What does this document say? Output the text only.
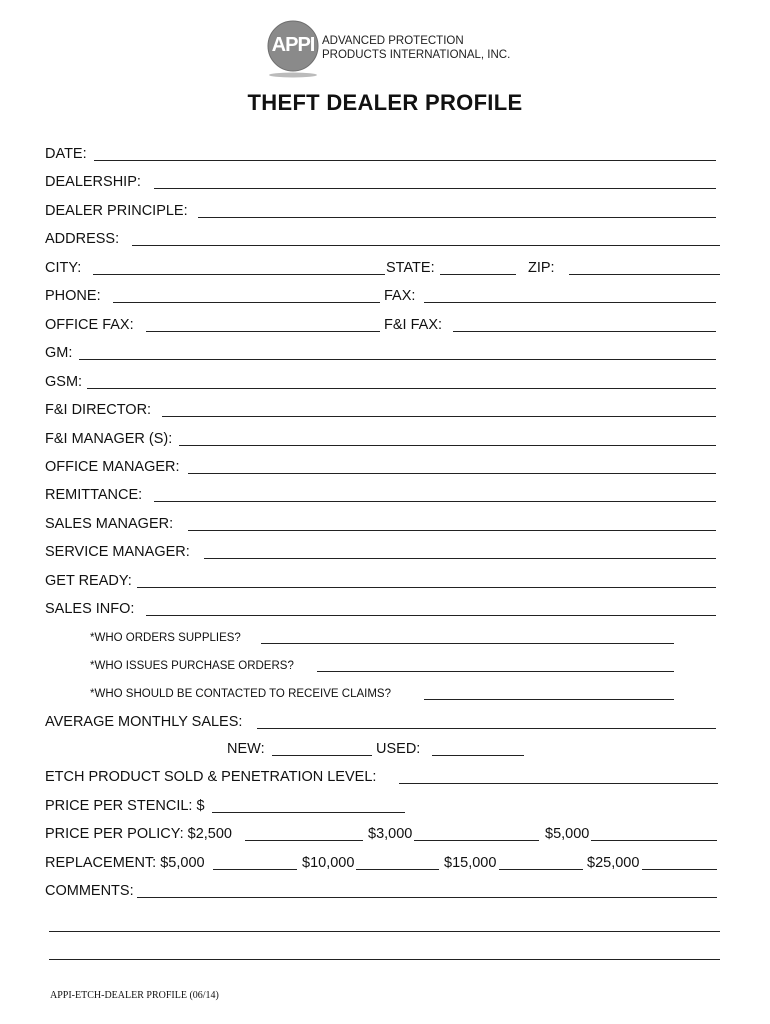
APPI ADVANCED PROTECTION
PRODUCTS INTERNATIONAL, INC.
THEFT DEALER PROFILE
DATE:
DEALERSHIP:
DEALER PRINCIPLE:
ADDRESS:
CITY:	STATE:	ZIP:
PHONE:	FAX:
OFFICE FAX:	F&I FAX:
GM:
GSM:
F&I DIRECTOR:
F&I MANAGER (S):
OFFICE MANAGER:
REMITTANCE:
SALES MANAGER:
SERVICE MANAGER:
GET READY:
SALES INFO:
*WHO ORDERS SUPPLIES?
*WHO ISSUES PURCHASE ORDERS?
*WHO SHOULD BE CONTACTED TO RECEIVE CLAIMS?
AVERAGE MONTHLY SALES:
NEW:	USED:
ETCH PRODUCT SOLD & PENETRATION LEVEL:
PRICE PER STENCIL: $
PRICE PER POLICY: $2,500	$3,000	$5,000
REPLACEMENT: $5,000	$10,000	$15,000	$25,000
COMMENTS:
APPI-ETCH-DEALER PROFILE (06/14)
